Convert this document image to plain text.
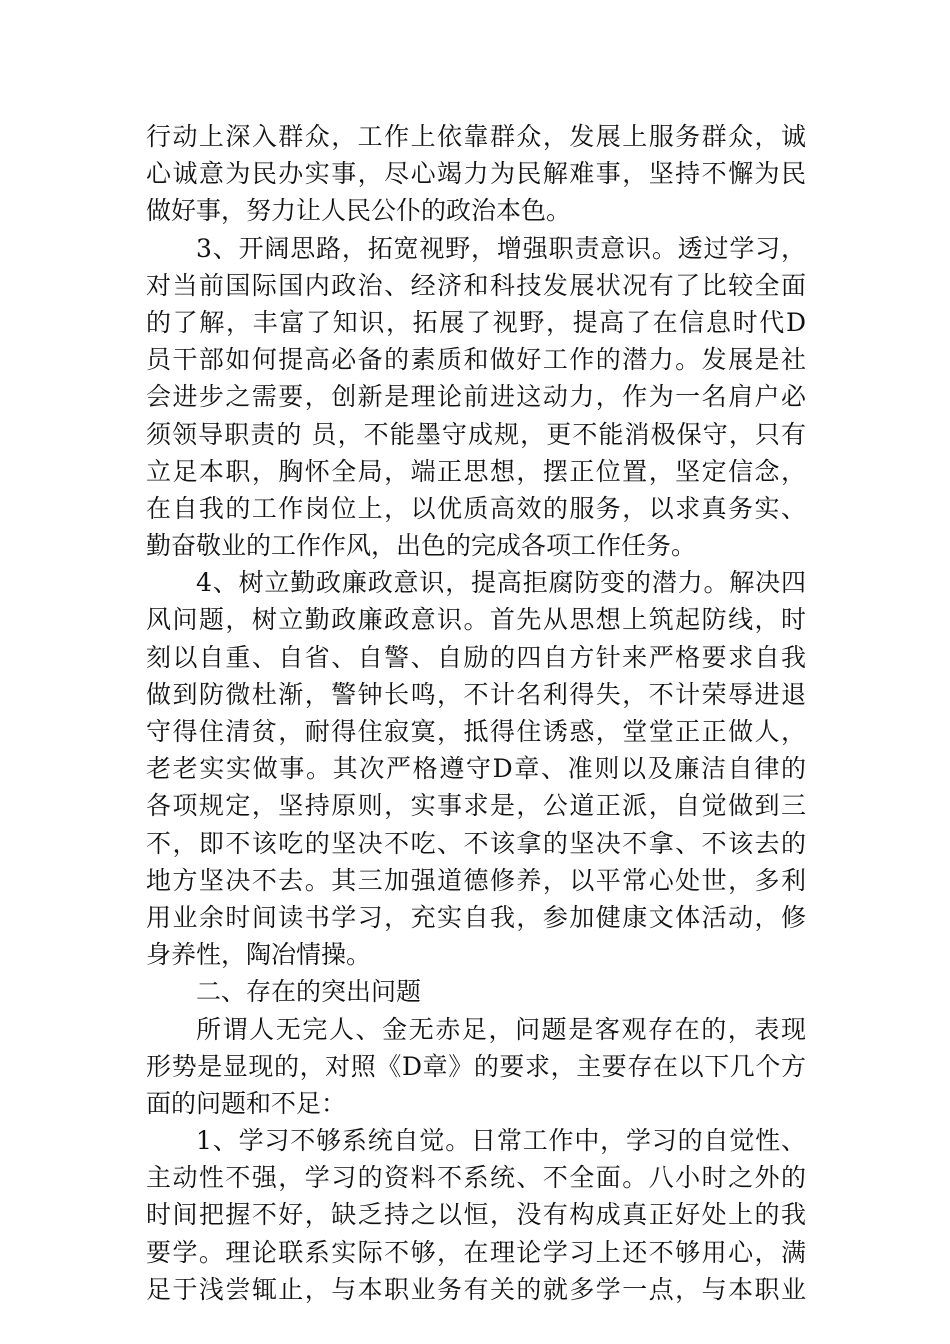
行动上深入群众，工作上依靠群众，发展上服务群众，诚
心诚意为民办实事，尽心竭力为民解难事，坚持不懈为民
做好事，努力让人民公仆的政治本色。
3、开阔思路，拓宽视野，增强职责意识。透过学习，
对当前国际国内政治、经济和科技发展状况有了比较全面
的了解，丰富了知识，拓展了视野，提高了在信息时代D
员干部如何提高必备的素质和做好工作的潜力。发展是社
会进步之需要，创新是理论前进这动力，作为一名肩户必
须领导职责的 员，不能墨守成规，更不能消极保守，只有
立足本职，胸怀全局，端正思想，摆正位置，坚定信念，
在自我的工作岗位上，以优质高效的服务，以求真务实、
勤奋敬业的工作作风，出色的完成各项工作任务。
4、树立勤政廉政意识，提高拒腐防变的潜力。解决四
风问题，树立勤政廉政意识。首先从思想上筑起防线，时
刻以自重、自省、自警、自励的四自方针来严格要求自我
做到防微杜渐，警钟长鸣，不计名利得失，不计荣辱进退
守得住清贫，耐得住寂寞，抵得住诱惑，堂堂正正做人，
老老实实做事。其次严格遵守D章、准则以及廉洁自律的
各项规定，坚持原则，实事求是，公道正派，自觉做到三
不，即不该吃的坚决不吃、不该拿的坚决不拿、不该去的
地方坚决不去。其三加强道德修养，以平常心处世，多利
用业余时间读书学习，充实自我，参加健康文体活动，修
身养性，陶冶情操。
二、存在的突出问题
所谓人无完人、金无赤足，问题是客观存在的，表现
形势是显现的，对照《D章》的要求，主要存在以下几个方
面的问题和不足：
1、学习不够系统自觉。日常工作中，学习的自觉性、
主动性不强，学习的资料不系统、不全面。八小时之外的
时间把握不好，缺乏持之以恒，没有构成真正好处上的我
要学。理论联系实际不够，在理论学习上还不够用心，满
足于浅尝辄止，与本职业务有关的就多学一点，与本职业
